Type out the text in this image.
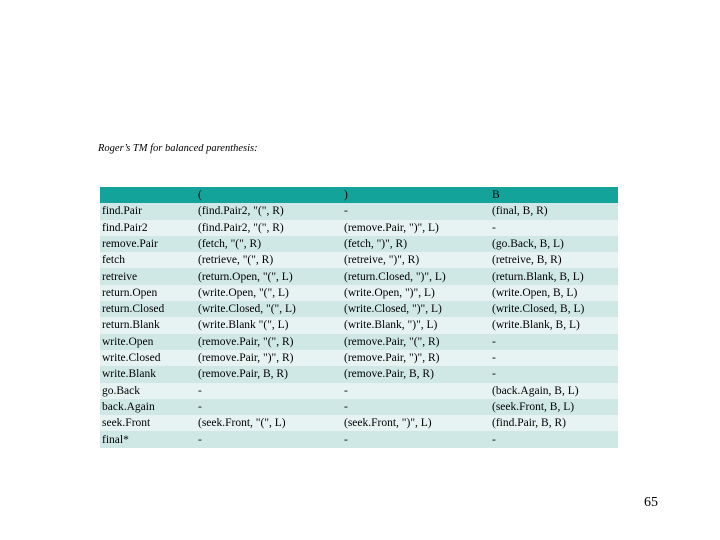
Roger’s TM for balanced parenthesis:
	(	)	B
find.Pair	(find.Pair2, "(", R)	-	(final, B, R)
find.Pair2	(find.Pair2, "(", R)	(remove.Pair, ")", L)	-
remove.Pair	(fetch, "(", R)	(fetch, ")", R)	(go.Back, B, L)
fetch	(retrieve, "(", R)	(retreive, ")", R)	(retreive, B, R)
retreive	(return.Open, "(", L)	(return.Closed, ")", L)	(return.Blank, B, L)
return.Open	(write.Open, "(", L)	(write.Open, ")", L)	(write.Open, B, L)
return.Closed	(write.Closed, "(", L)	(write.Closed, ")", L)	(write.Closed, B, L)
return.Blank	(write.Blank "(", L)	(write.Blank, ")", L)	(write.Blank, B, L)
write.Open	(remove.Pair, "(", R)	(remove.Pair, "(", R)	-
write.Closed	(remove.Pair, ")", R)	(remove.Pair, ")", R)	-
write.Blank	(remove.Pair, B, R)	(remove.Pair, B, R)	-
go.Back	-	-	(back.Again, B, L)
back.Again	-	-	(seek.Front, B, L)
seek.Front	(seek.Front, "(", L)	(seek.Front, ")", L)	(find.Pair, B, R)
final*	-	-	-
65
